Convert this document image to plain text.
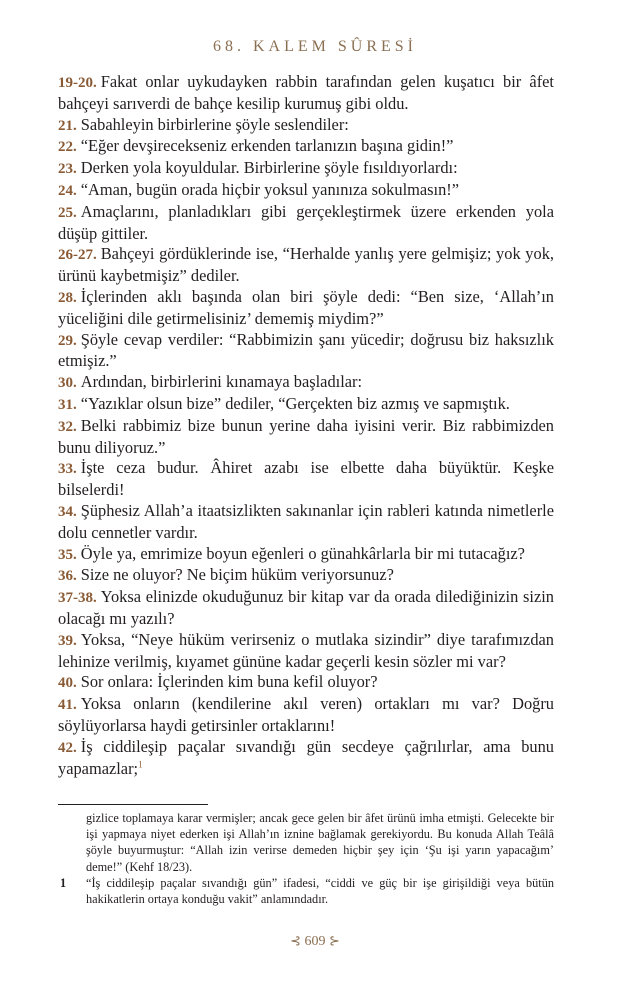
68. KALEM SÛRESİ

19-20. Fakat onlar uykudayken rabbin tarafından gelen kuşatıcı bir âfet bahçeyi sarıverdi de bahçe kesilip kurumuş gibi oldu.

21. Sabahleyin birbirlerine şöyle seslendiler:

22. “Eğer devşirecekseniz erkenden tarlanızın başına gidin!”

23. Derken yola koyuldular. Birbirlerine şöyle fısıldıyorlardı:

24. “Aman, bugün orada hiçbir yoksul yanınıza sokulmasın!”

25. Amaçlarını, planladıkları gibi gerçekleştirmek üzere erkenden yola düşüp gittiler.

26-27. Bahçeyi gördüklerinde ise, “Herhalde yanlış yere gelmişiz; yok yok, ürünü kaybetmişiz” dediler.

28. İçlerinden aklı başında olan biri şöyle dedi: “Ben size, ‘Allah’ın yüceliğini dile getirmelisiniz’ dememiş miydim?”

29. Şöyle cevap verdiler: “Rabbimizin şanı yücedir; doğrusu biz haksızlık etmişiz.”

30. Ardından, birbirlerini kınamaya başladılar:

31. “Yazıklar olsun bize” dediler, “Gerçekten biz azmış ve sapmıştık.

32. Belki rabbimiz bize bunun yerine daha iyisini verir. Biz rabbimizden bunu diliyoruz.”

33. İşte ceza budur. Âhiret azabı ise elbette daha büyüktür. Keşke bilselerdi!

34. Şüphesiz Allah’a itaatsizlikten sakınanlar için rableri katında nimetlerle dolu cennetler vardır.

35. Öyle ya, emrimize boyun eğenleri o günahkârlarla bir mi tutacağız?

36. Size ne oluyor? Ne biçim hüküm veriyorsunuz?

37-38. Yoksa elinizde okuduğunuz bir kitap var da orada dilediğinizin sizin olacağı mı yazılı?

39. Yoksa, “Neye hüküm verirseniz o mutlaka sizindir” diye tarafımızdan lehinize verilmiş, kıyamet gününe kadar geçerli kesin sözler mi var?

40. Sor onlara: İçlerinden kim buna kefil oluyor?

41. Yoksa onların (kendilerine akıl veren) ortakları mı var? Doğru söylüyorlarsa haydi getirsinler ortaklarını!

42. İş ciddileşip paçalar sıvandığı gün secdeye çağrılırlar, ama bunu yapamazlar;$^1$

gizlice toplamaya karar vermişler; ancak gece gelen bir âfet ürünü imha etmişti. Gelecekte bir işi yapmaya niyet ederken işi Allah’ın iznine bağlamak gerekiyordu. Bu konuda Allah Teâlâ şöyle buyurmuştur: “Allah izin verirse demeden hiçbir şey için ‘Şu işi yarın yapacağım’ deme!” (Kehf 18/23).

1 “İş ciddileşip paçalar sıvandığı gün” ifadesi, “ciddi ve güç bir işe girişildiği veya bütün hakikatlerin ortaya konduğu vakit” anlamındadır.

⊰ 609 ⊱
